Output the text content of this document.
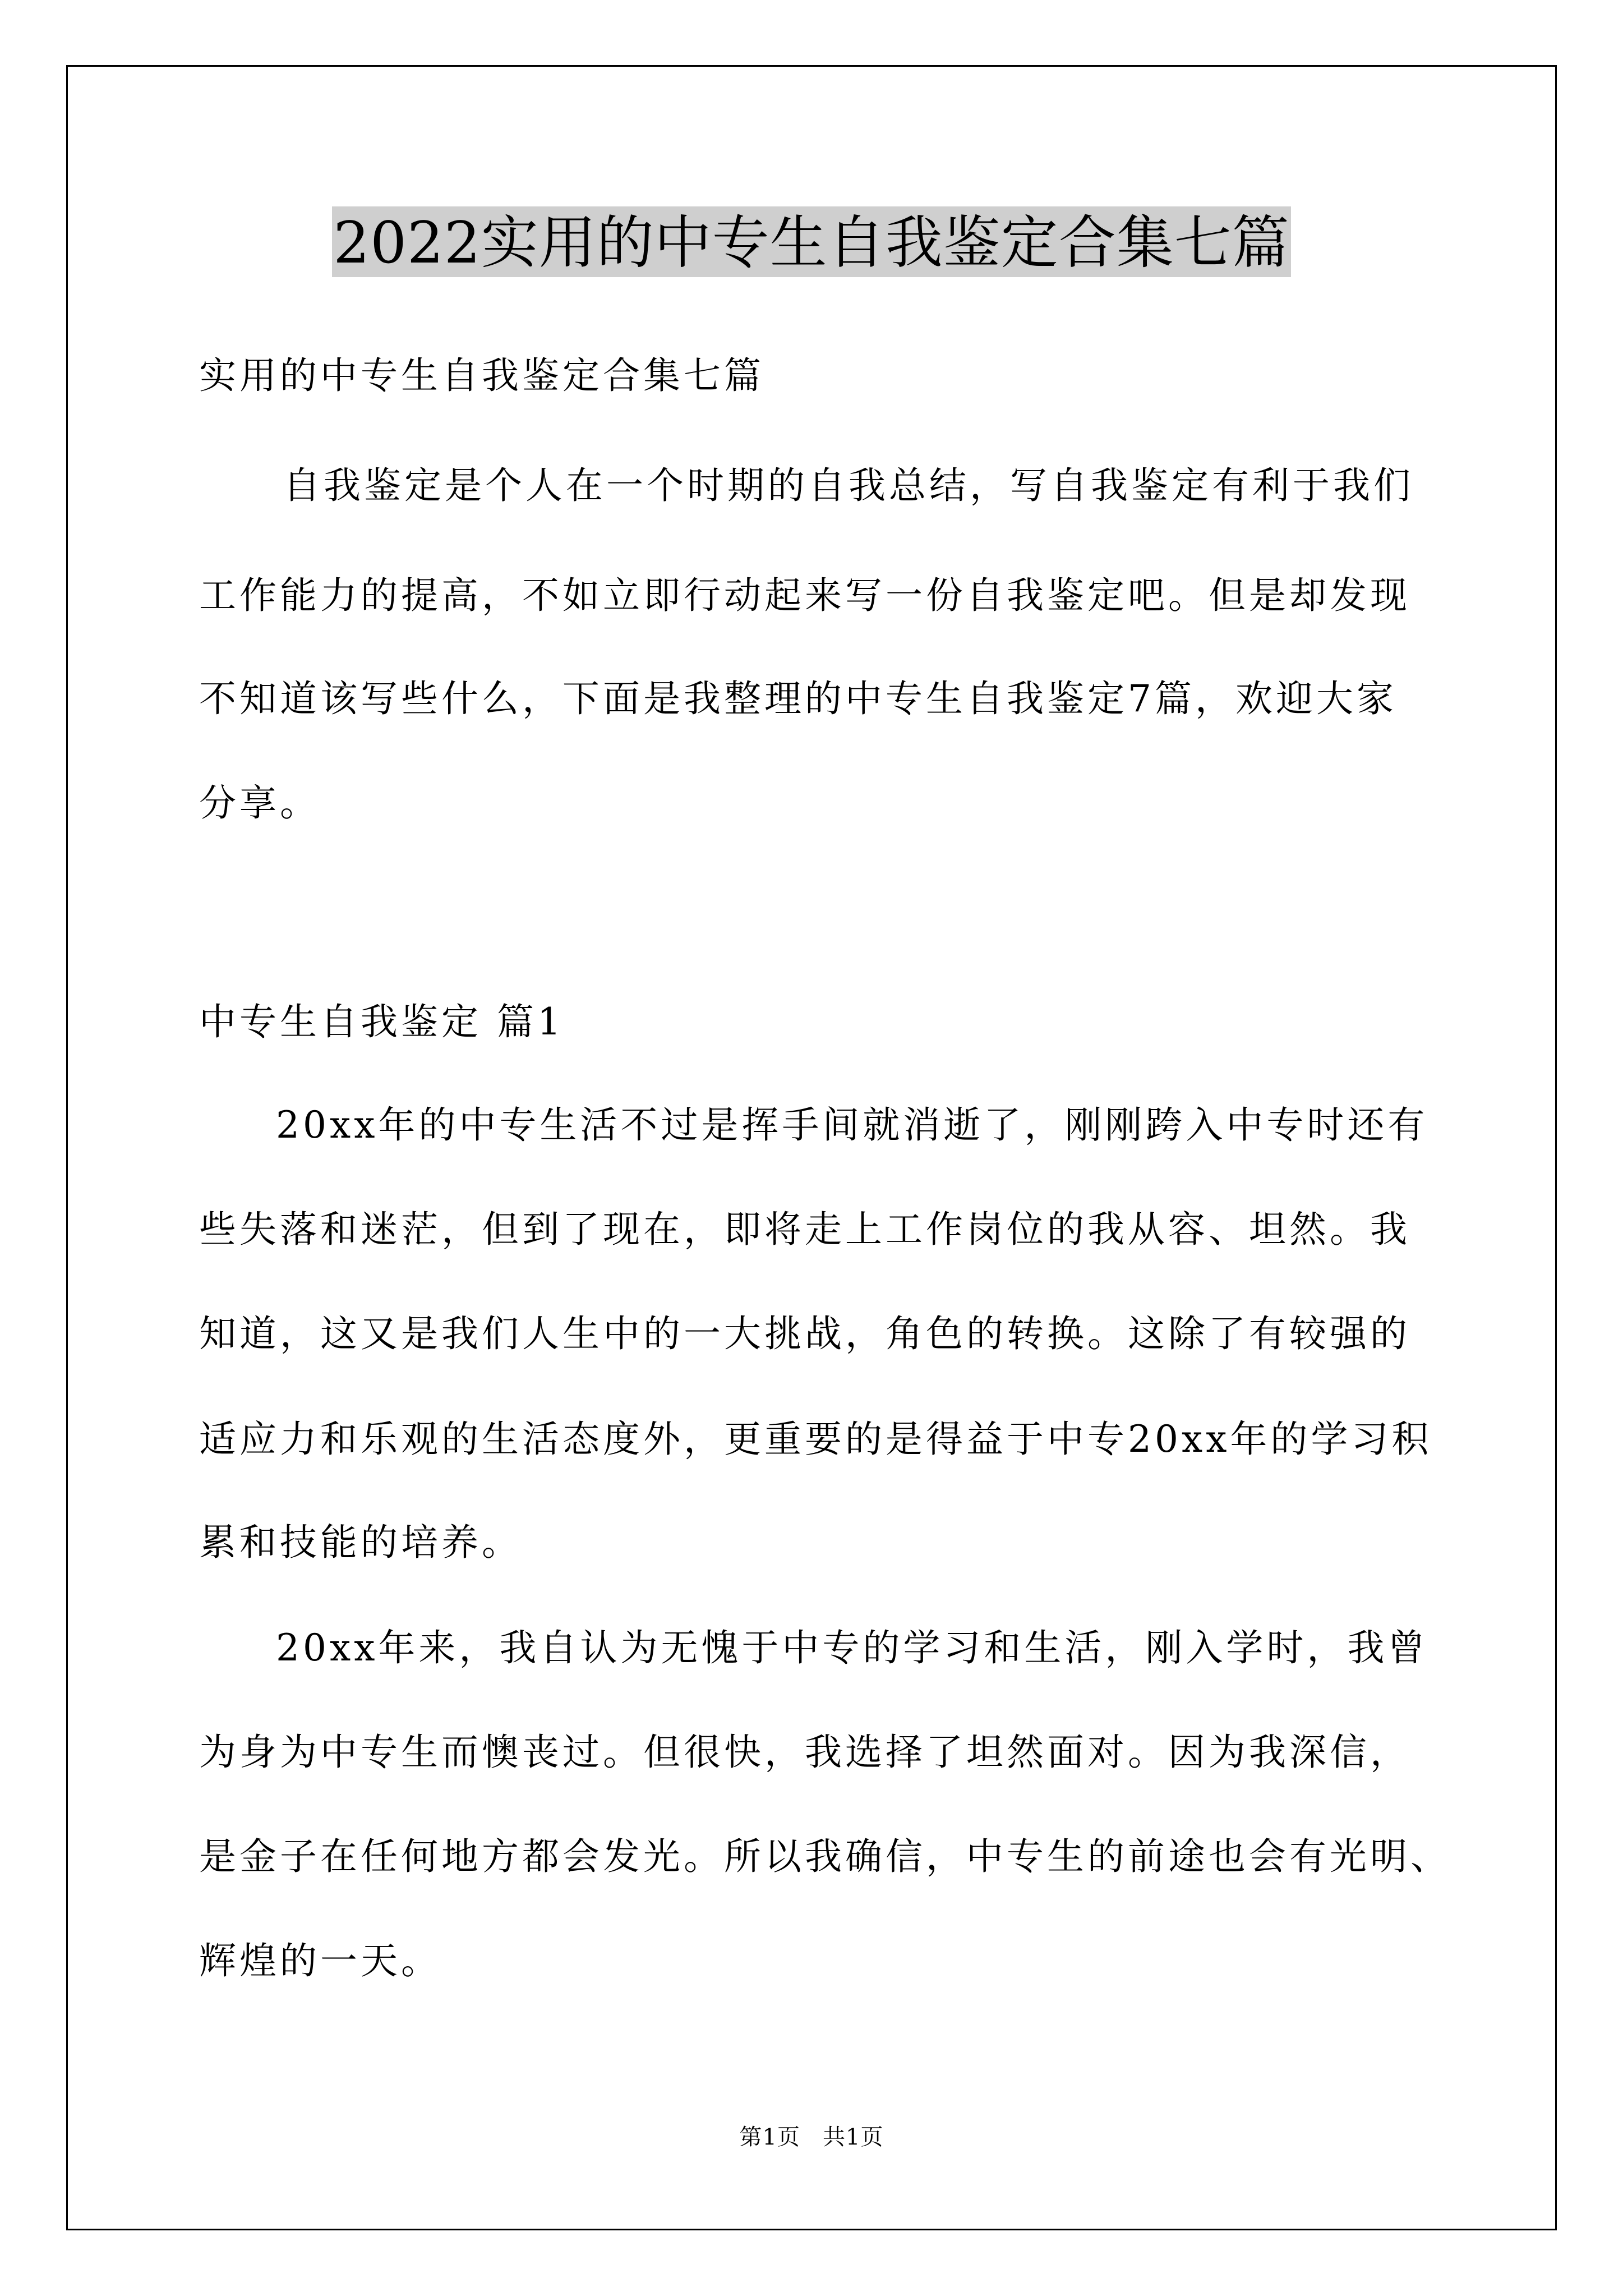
2022实用的中专生自我鉴定合集七篇
实用的中专生自我鉴定合集七篇
自我鉴定是个人在一个时期的自我总结，写自我鉴定有利于我们
工作能力的提高，不如立即行动起来写一份自我鉴定吧。但是却发现
不知道该写些什么，下面是我整理的中专生自我鉴定7篇，欢迎大家
分享。
中专生自我鉴定 篇1
20xx年的中专生活不过是挥手间就消逝了，刚刚跨入中专时还有
些失落和迷茫，但到了现在，即将走上工作岗位的我从容、坦然。我
知道，这又是我们人生中的一大挑战，角色的转换。这除了有较强的
适应力和乐观的生活态度外，更重要的是得益于中专20xx年的学习积
累和技能的培养。
20xx年来，我自认为无愧于中专的学习和生活，刚入学时，我曾
为身为中专生而懊丧过。但很快，我选择了坦然面对。因为我深信，
是金子在任何地方都会发光。所以我确信，中专生的前途也会有光明、
辉煌的一天。
第1页 共1页
